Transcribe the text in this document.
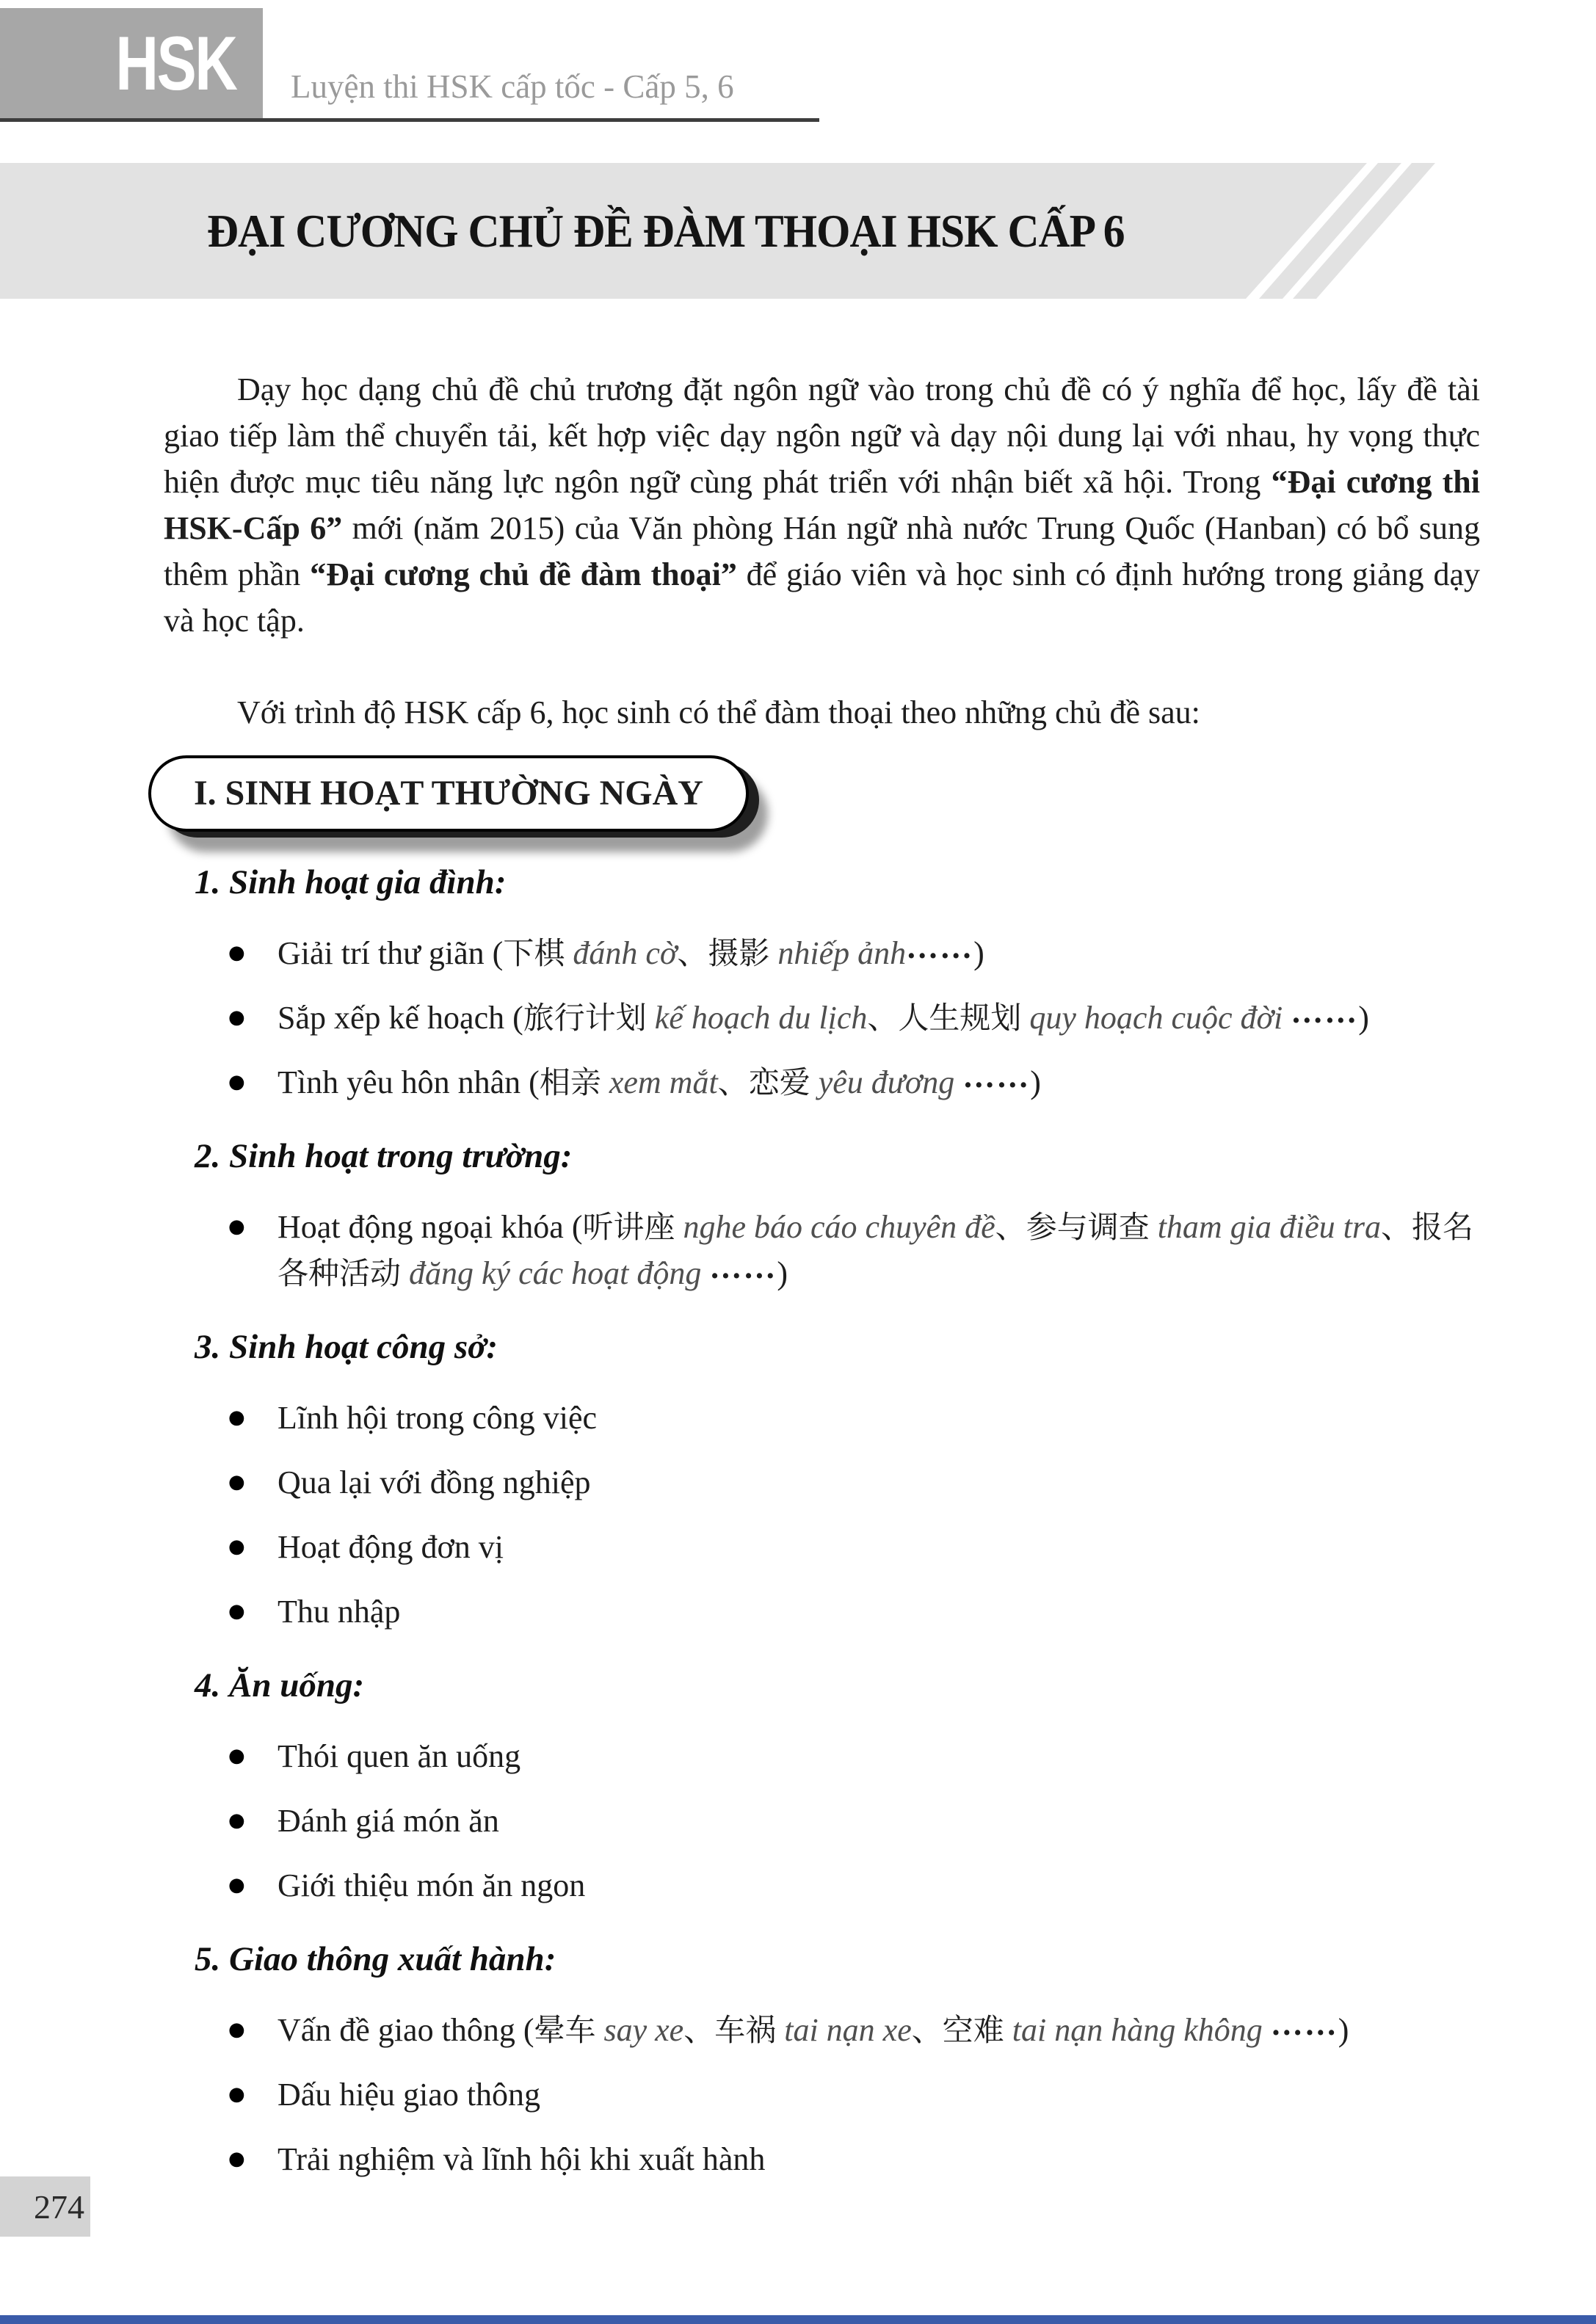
HSK Luyện thi HSK cấp tốc - Cấp 5, 6
ĐẠI CƯƠNG CHỦ ĐỀ ĐÀM THOẠI HSK CẤP 6

Dạy học dạng chủ đề chủ trương đặt ngôn ngữ vào trong chủ đề có ý nghĩa để học, lấy đề tài giao tiếp làm thể chuyển tải, kết hợp việc dạy ngôn ngữ và dạy nội dung lại với nhau, hy vọng thực hiện được mục tiêu năng lực ngôn ngữ cùng phát triển với nhận biết xã hội. Trong “Đại cương thi HSK-Cấp 6” mới (năm 2015) của Văn phòng Hán ngữ nhà nước Trung Quốc (Hanban) có bổ sung thêm phần “Đại cương chủ đề đàm thoại” để giáo viên và học sinh có định hướng trong giảng dạy và học tập.

Với trình độ HSK cấp 6, học sinh có thể đàm thoại theo những chủ đề sau:

I. SINH HOẠT THƯỜNG NGÀY
1. Sinh hoạt gia đình:
● Giải trí thư giãn (下棋 đánh cờ、摄影 nhiếp ảnh……)
● Sắp xếp kế hoạch (旅行计划 kế hoạch du lịch、人生规划 quy hoạch cuộc đời ……)
● Tình yêu hôn nhân (相亲 xem mắt、恋爱 yêu đương ……)
2. Sinh hoạt trong trường:
● Hoạt động ngoại khóa (听讲座 nghe báo cáo chuyên đề、参与调查 tham gia điều tra、报名各种活动 đăng ký các hoạt động ……)
3. Sinh hoạt công sở:
● Lĩnh hội trong công việc
● Qua lại với đồng nghiệp
● Hoạt động đơn vị
● Thu nhập
4. Ăn uống:
● Thói quen ăn uống
● Đánh giá món ăn
● Giới thiệu món ăn ngon
5. Giao thông xuất hành:
● Vấn đề giao thông (晕车 say xe、车祸 tai nạn xe、空难 tai nạn hàng không ……)
● Dấu hiệu giao thông
● Trải nghiệm và lĩnh hội khi xuất hành
274
